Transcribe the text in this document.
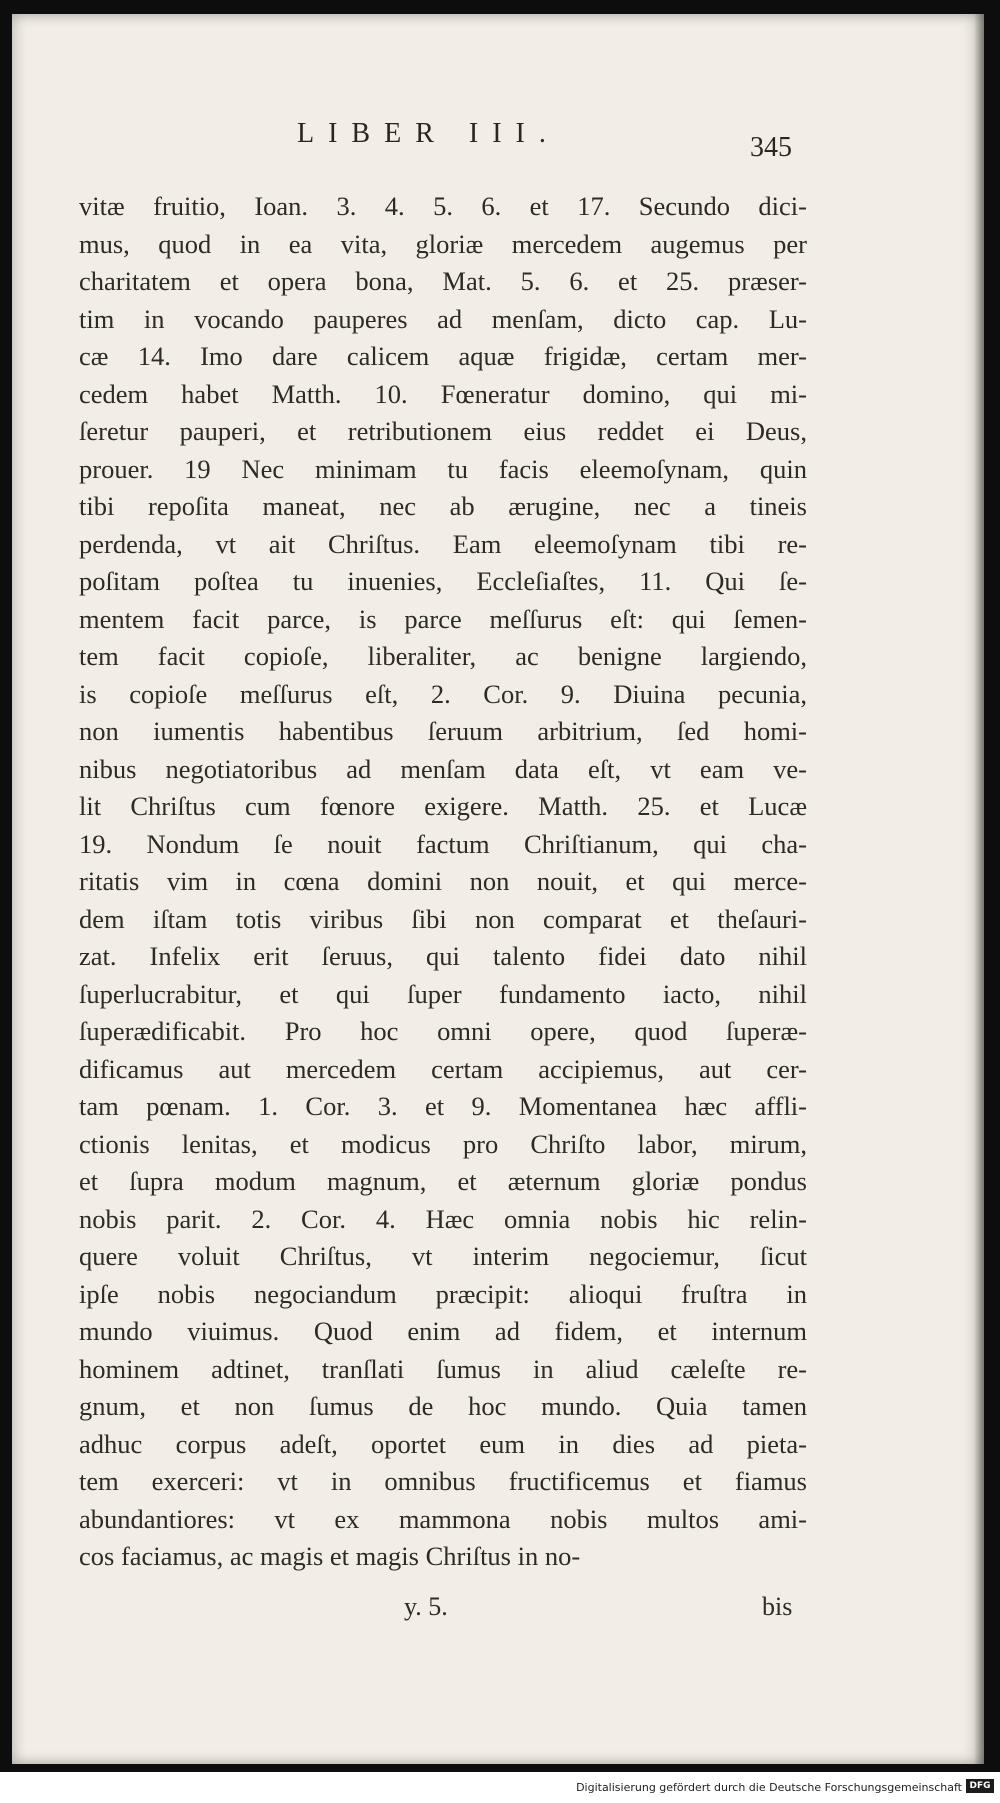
LIBER III.	345
vitæ fruitio, Ioan. 3. 4. 5. 6. et 17. Secundo dici-
mus, quod in ea vita, gloriæ mercedem augemus per
charitatem et opera bona, Mat. 5. 6. et 25. præser-
tim in vocando pauperes ad menſam, dicto cap. Lu-
cæ 14. Imo dare calicem aquæ frigidæ, certam mer-
cedem habet Matth. 10. Fœneratur domino, qui mi-
ſeretur pauperi, et retributionem eius reddet ei Deus,
prouer. 19 Nec minimam tu facis eleemoſynam, quin
tibi repoſita maneat, nec ab ærugine, nec a tineis
perdenda, vt ait Chriſtus. Eam eleemoſynam tibi re-
poſitam poſtea tu inuenies, Eccleſiaſtes, 11. Qui ſe-
mentem facit parce, is parce meſſurus eſt: qui ſemen-
tem facit copioſe, liberaliter, ac benigne largiendo,
is copioſe meſſurus eſt, 2. Cor. 9. Diuina pecunia,
non iumentis habentibus ſeruum arbitrium, ſed homi-
nibus negotiatoribus ad menſam data eſt, vt eam ve-
lit Chriſtus cum fœnore exigere. Matth. 25. et Lucæ
19. Nondum ſe nouit factum Chriſtianum, qui cha-
ritatis vim in cœna domini non nouit, et qui merce-
dem iſtam totis viribus ſibi non comparat et theſauri-
zat. Infelix erit ſeruus, qui talento fidei dato nihil
ſuperlucrabitur, et qui ſuper fundamento iacto, nihil
ſuperædificabit. Pro hoc omni opere, quod ſuperæ-
dificamus aut mercedem certam accipiemus, aut cer-
tam pœnam. 1. Cor. 3. et 9. Momentanea hæc affli-
ctionis lenitas, et modicus pro Chriſto labor, mirum,
et ſupra modum magnum, et æternum gloriæ pondus
nobis parit. 2. Cor. 4. Hæc omnia nobis hic relin-
quere voluit Chriſtus, vt interim negociemur, ſicut
ipſe nobis negociandum præcipit: alioqui fruſtra in
mundo viuimus. Quod enim ad fidem, et internum
hominem adtinet, tranſlati ſumus in aliud cæleſte re-
gnum, et non ſumus de hoc mundo. Quia tamen
adhuc corpus adeſt, oportet eum in dies ad pieta-
tem exerceri: vt in omnibus fructificemus et fiamus
abundantiores: vt ex mammona nobis multos ami-
cos faciamus, ac magis et magis Chriſtus in no-
y. 5.	bis
Digitalisierung gefördert durch die Deutsche Forschungsgemeinschaft DFG
